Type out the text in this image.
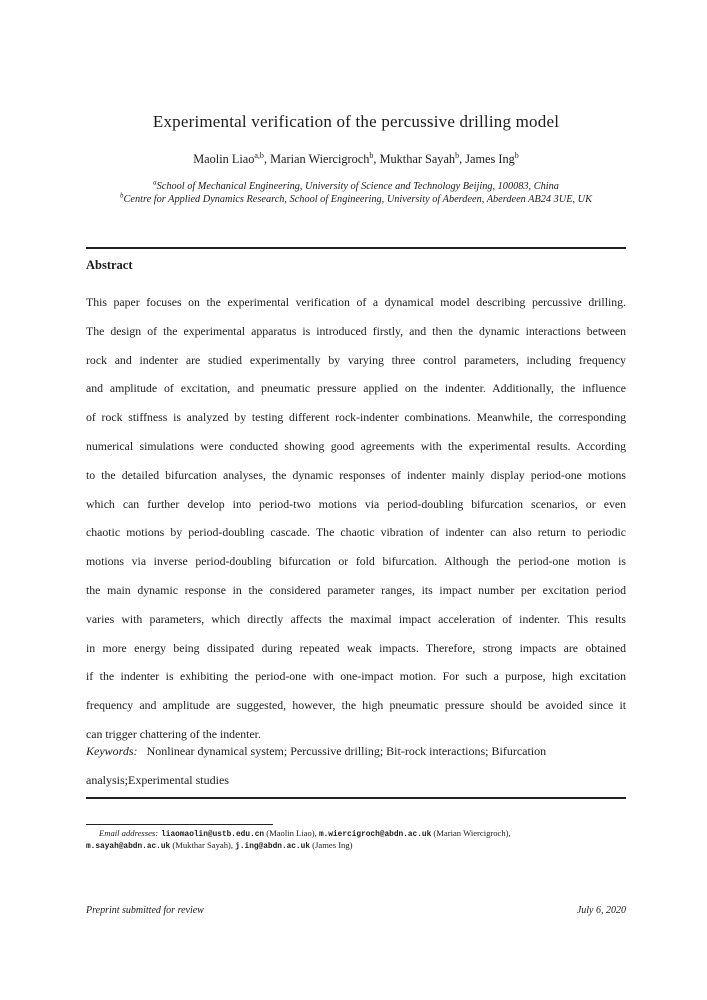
Experimental verification of the percussive drilling model
Maolin Liao$^{a,b}$, Marian Wiercigroch$^b$, Mukthar Sayah$^b$, James Ing$^b$
$^a$School of Mechanical Engineering, University of Science and Technology Beijing, 100083, China
$^b$Centre for Applied Dynamics Research, School of Engineering, University of Aberdeen, Aberdeen AB24 3UE, UK
Abstract
This paper focuses on the experimental verification of a dynamical model describing percussive drilling.
The design of the experimental apparatus is introduced firstly, and then the dynamic interactions between
rock and indenter are studied experimentally by varying three control parameters, including frequency
and amplitude of excitation, and pneumatic pressure applied on the indenter. Additionally, the influence
of rock stiffness is analyzed by testing different rock-indenter combinations. Meanwhile, the corresponding
numerical simulations were conducted showing good agreements with the experimental results. According
to the detailed bifurcation analyses, the dynamic responses of indenter mainly display period-one motions
which can further develop into period-two motions via period-doubling bifurcation scenarios, or even
chaotic motions by period-doubling cascade. The chaotic vibration of indenter can also return to periodic
motions via inverse period-doubling bifurcation or fold bifurcation. Although the period-one motion is
the main dynamic response in the considered parameter ranges, its impact number per excitation period
varies with parameters, which directly affects the maximal impact acceleration of indenter. This results
in more energy being dissipated during repeated weak impacts. Therefore, strong impacts are obtained
if the indenter is exhibiting the period-one with one-impact motion. For such a purpose, high excitation
frequency and amplitude are suggested, however, the high pneumatic pressure should be avoided since it
can trigger chattering of the indenter.
Keywords: Nonlinear dynamical system; Percussive drilling; Bit-rock interactions; Bifurcation
analysis;Experimental studies
Email addresses: liaomaolin@ustb.edu.cn (Maolin Liao), m.wiercigroch@abdn.ac.uk (Marian Wiercigroch),
m.sayah@abdn.ac.uk (Mukthar Sayah), j.ing@abdn.ac.uk (James Ing)
Preprint submitted for review	July 6, 2020
